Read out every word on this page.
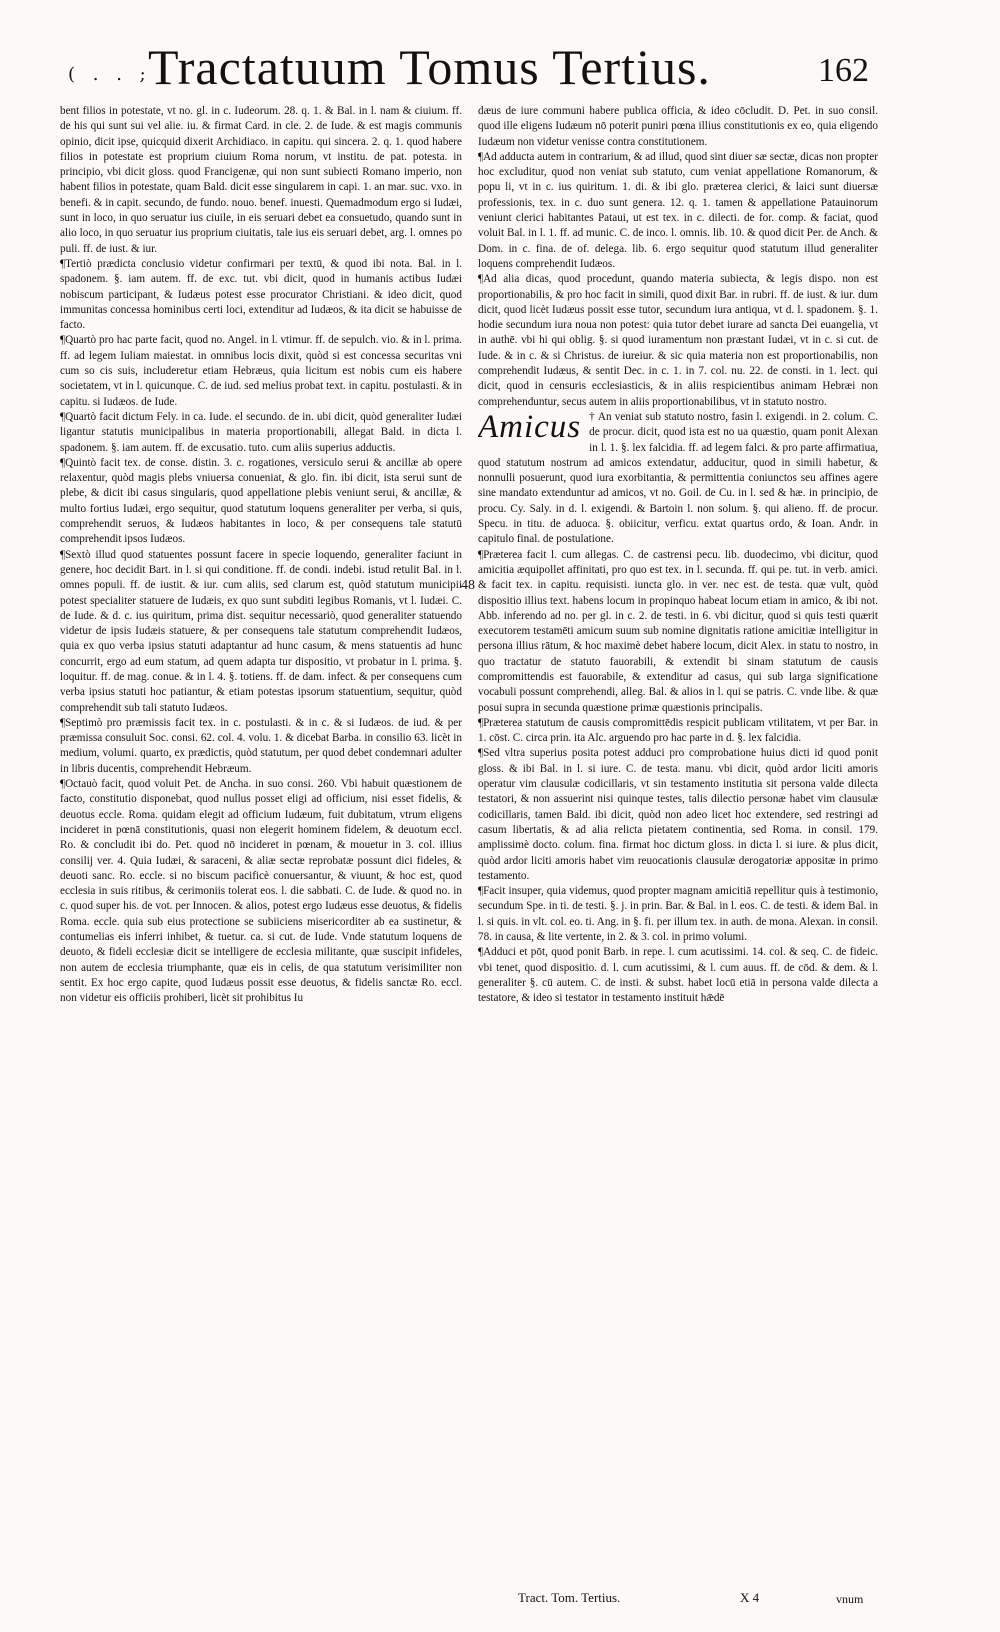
( . . ;
Tractatuum Tomus Tertius.	162

bent filios in potestate, vt no. gl. in c. Iudeorum. 28. q. 1. & Bal. in l. nam & ciuium. ff. de his qui sunt sui vel alie. iu. & firmat Card. in cle. 2. de Iude. & est magis communis opinio, dicit ipse, quicquid dixerit Archidiaco. in capitu. qui sincera. 2. q. 1. quod habere filios in potestate est proprium ciuium Roma norum, vt institu. de pat. potesta. in principio, vbi dicit gloss. quod Francigenæ, qui non sunt subiecti Romano imperio, non habent filios in potestate, quam Bald. dicit esse singularem in capi. 1. an mar. suc. vxo. in benefi. & in capit. secundo, de fundo. nouo. benef. inuesti. Quemadmodum ergo si Iudæi, sunt in loco, in quo seruatur ius ciuile, in eis seruari debet ea consuetudo, quando sunt in alio loco, in quo seruatur ius proprium ciuitatis, tale ius eis seruari debet, arg. l. omnes po puli. ff. de iust. & iur.

¶Tertiò prædicta conclusio videtur confirmari per textū, & quod ibi nota. Bal. in l. spadonem. §. iam autem. ff. de exc. tut. vbi dicit, quod in humanis actibus Iudæi nobiscum participant, & Iudæus potest esse procurator Christiani. & ideo dicit, quod immunitas concessa hominibus certi loci, extenditur ad Iudæos, & ita dicit se habuisse de facto.

¶Quartò pro hac parte facit, quod no. Angel. in l. vtimur. ff. de sepulch. vio. & in l. prima. ff. ad legem Iuliam maiestat. in omnibus locis dixit, quòd si est concessa securitas vni cum so cis suis, includeretur etiam Hebræus, quia licitum est nobis cum eis habere societatem, vt in l. quicunque. C. de iud. sed melius probat text. in capitu. postulasti. & in capitu. si Iudæos. de Iude.

¶Quartò facit dictum Fely. in ca. Iude. el secundo. de in. ubi dicit, quòd generaliter Iudæi ligantur statutis municipalibus in materia proportionabili, allegat Bald. in dicta l. spadonem. §. iam autem. ff. de excusatio. tuto. cum aliis superius adductis.

¶Quintò facit tex. de conse. distin. 3. c. rogationes, versiculo serui & ancillæ ab opere relaxentur, quòd magis plebs vniuersa conueniat, & glo. fin. ibi dicit, ista serui sunt de plebe, & dicit ibi casus singularis, quod appellatione plebis veniunt serui, & ancillæ, & multo fortius Iudæi, ergo sequitur, quod statutum loquens generaliter per verba, si quis, comprehendit seruos, & Iudæos habitantes in loco, & per consequens tale statutū comprehendit ipsos Iudæos.

¶Sextò illud quod statuentes possunt facere in specie loquendo, generaliter faciunt in genere, hoc decidit Bart. in l. si qui conditione. ff. de condi. indebi. istud retulit Bal. in l. omnes populi. ff. de iustit. & iur. cum aliis, sed clarum est, quòd statutum municipii potest specialiter statuere de Iudæis, ex quo sunt subditi legibus Romanis, vt l. Iudæi. C. de Iude. & d. c. ius quiritum, prima dist. sequitur necessariò, quod generaliter statuendo videtur de ipsis Iudæis statuere, & per consequens tale statutum comprehendit Iudæos, quia ex quo verba ipsius statuti adaptantur ad hunc casum, & mens statuentis ad hunc concurrit, ergo ad eum statum, ad quem adapta tur dispositio, vt probatur in l. prima. §. loquitur. ff. de mag. conue. & in l. 4. §. totiens. ff. de dam. infect. & per consequens cum verba ipsius statuti hoc patiantur, & etiam potestas ipsorum statuentium, sequitur, quòd comprehendit sub tali statuto Iudæos.

¶Septimò pro præmissis facit tex. in c. postulasti. & in c. & si Iudæos. de iud. & per præmissa consuluit Soc. consi. 62. col. 4. volu. 1. & dicebat Barba. in consilio 63. licèt in medium, volumi. quarto, ex prædictis, quòd statutum, per quod debet condemnari adulter in libris ducentis, comprehendit Hebræum.

¶Octauò facit, quod voluit Pet. de Ancha. in suo consi. 260. Vbi habuit quæstionem de facto, constitutio disponebat, quod nullus posset eligi ad officium, nisi esset fidelis, & deuotus eccle. Roma. quidam elegit ad officium Iudæum, fuit dubitatum, vtrum eligens incideret in pœnā constitutionis, quasi non elegerit hominem fidelem, & deuotum eccl. Ro. & concludit ibi do. Pet. quod nō incideret in pœnam, & mouetur in 3. col. illius consilij ver. 4. Quia Iudæi, & saraceni, & aliæ sectæ reprobatæ possunt dici fideles, & deuoti sanc. Ro. eccle. si no biscum pacificè conuersantur, & viuunt, & hoc est, quod ecclesia in suis ritibus, & cerimoniis tolerat eos. l. die sabbati. C. de Iude. & quod no. in c. quod super his. de vot. per Innocen. & alios, potest ergo Iudæus esse deuotus, & fidelis Roma. eccle. quia sub eius protectione se subiiciens misericorditer ab ea sustinetur, & contumelias eis inferri inhibet, & tuetur. ca. si cut. de Iude. Vnde statutum loquens de deuoto, & fideli ecclesiæ dicit se intelligere de ecclesia militante, quæ suscipit infideles, non autem de ecclesia triumphante, quæ eis in celis, de qua statutum verisimiliter non sentit. Ex hoc ergo capite, quod Iudæus possit esse deuotus, & fidelis sanctæ Ro. eccl. non videtur eis officiis prohiberi, licèt sit prohibitus Iu

48

dæus de iure communi habere publica officia, & ideo cōcludit. D. Pet. in suo consil. quod ille eligens Iudæum nō poterit puniri pœna illius constitutionis ex eo, quia eligendo Iudæum non videtur venisse contra constitutionem.

¶Ad adducta autem in contrarium, & ad illud, quod sint diuer sæ sectæ, dicas non propter hoc excluditur, quod non veniat sub statuto, cum veniat appellatione Romanorum, & popu li, vt in c. ius quiritum. 1. di. & ibi glo. præterea clerici, & laici sunt diuersæ professionis, tex. in c. duo sunt genera. 12. q. 1. tamen & appellatione Patauinorum veniunt clerici habitantes Pataui, ut est tex. in c. dilecti. de for. comp. & faciat, quod voluit Bal. in l. 1. ff. ad munic. C. de inco. l. omnis. lib. 10. & quod dicit Per. de Anch. & Dom. in c. fina. de of. delega. lib. 6. ergo sequitur quod statutum illud generaliter loquens comprehendit Iudæos.

¶Ad alia dicas, quod procedunt, quando materia subiecta, & legis dispo. non est proportionabilis, & pro hoc facit in simili, quod dixit Bar. in rubri. ff. de iust. & iur. dum dicit, quod licèt Iudæus possit esse tutor, secundum iura antiqua, vt d. l. spadonem. §. 1. hodie secundum iura noua non potest: quia tutor debet iurare ad sancta Dei euangelia, vt in authē. vbi hi qui oblig. §. si quod iuramentum non præstant Iudæi, vt in c. si cut. de Iude. & in c. & si Christus. de iureiur. & sic quia materia non est proportionabilis, non comprehendit Iudæus, & sentit Dec. in c. 1. in 7. col. nu. 22. de consti. in 1. lect. qui dicit, quod in censuris ecclesiasticis, & in aliis respicientibus animam Hebræi non comprehenduntur, secus autem in aliis proportionabilibus, vt in statuto nostro.

Amicus † An veniat sub statuto nostro, fasin l. exigendi. in 2. colum. C. de procur. dicit, quod ista est no ua quæstio, quam ponit Alexan in l. 1. §. lex falcidia. ff. ad legem falci. & pro parte affirmatiua, quod statutum nostrum ad amicos extendatur, adducitur, quod in simili habetur, & nonnulli posuerunt, quod iura exorbitantia, & permittentia coniunctos seu affines agere sine mandato extenduntur ad amicos, vt no. Goil. de Cu. in l. sed & hæ. in principio, de procu. Cy. Saly. in d. l. exigendi. & Bartoin l. non solum. §. qui alieno. ff. de procur. Specu. in titu. de aduoca. §. obiicitur, verficu. extat quartus ordo, & Ioan. Andr. in capitulo final. de postulatione.

¶Præterea facit l. cum allegas. C. de castrensi pecu. lib. duodecimo, vbi dicitur, quod amicitia æquipollet affinitati, pro quo est tex. in l. secunda. ff. qui pe. tut. in verb. amici. & facit tex. in capitu. requisisti. iuncta glo. in ver. nec est. de testa. quæ vult, quòd dispositio illius text. habens locum in propinquo habeat locum etiam in amico, & ibi not. Abb. inferendo ad no. per gl. in c. 2. de testi. in 6. vbi dicitur, quod si quis testi quærit executorem testamēti amicum suum sub nomine dignitatis ratione amicitiæ intelligitur in persona illius rātum, & hoc maximè debet habere locum, dicit Alex. in statu to nostro, in quo tractatur de statuto fauorabili, & extendit bi sinam statutum de causis compromittendis est fauorabile, & extenditur ad casus, qui sub larga significatione vocabuli possunt comprehendi, alleg. Bal. & alios in l. qui se patris. C. vnde libe. & quæ posui supra in secunda quæstione primæ quæstionis principalis.

¶Præterea statutum de causis compromittēdis respicit publicam vtilitatem, vt per Bar. in 1. cōst. C. circa prin. ita Alc. arguendo pro hac parte in d. §. lex falcidia.

¶Sed vltra superius posita potest adduci pro comprobatione huius dicti id quod ponit gloss. & ibi Bal. in l. si iure. C. de testa. manu. vbi dicit, quòd ardor liciti amoris operatur vim clausulæ codicillaris, vt sin testamento institutia sit persona valde dilecta testatori, & non assuerint nisi quinque testes, talis dilectio personæ habet vim clausulæ codicillaris, tamen Bald. ibi dicit, quòd non adeo licet hoc extendere, sed restringi ad casum libertatis, & ad alia relicta pietatem continentia, sed Roma. in consil. 179. amplissimè docto. colum. fina. firmat hoc dictum gloss. in dicta l. si iure. & plus dicit, quòd ardor liciti amoris habet vim reuocationis clausulæ derogatoriæ appositæ in primo testamento.

¶Facit insuper, quia videmus, quod propter magnam amicitiā repellitur quis à testimonio, secundum Spe. in ti. de testi. §. j. in prin. Bar. & Bal. in l. eos. C. de testi. & idem Bal. in l. si quis. in vlt. col. eo. ti. Ang. in §. fi. per illum tex. in auth. de mona. Alexan. in consil. 78. in causa, & lite vertente, in 2. & 3. col. in primo volumi.

¶Adduci et pōt, quod ponit Barb. in repe. l. cum acutissimi. 14. col. & seq. C. de fideic. vbi tenet, quod dispositio. d. l. cum acutissimi, & l. cum auus. ff. de cōd. & dem. & l. generaliter §. cū autem. C. de insti. & subst. habet locū etiā in persona valde dilecta a testatore, & ideo si testator in testamento instituit hǣdē

Tract. Tom. Tertius.	X 4	vnum
